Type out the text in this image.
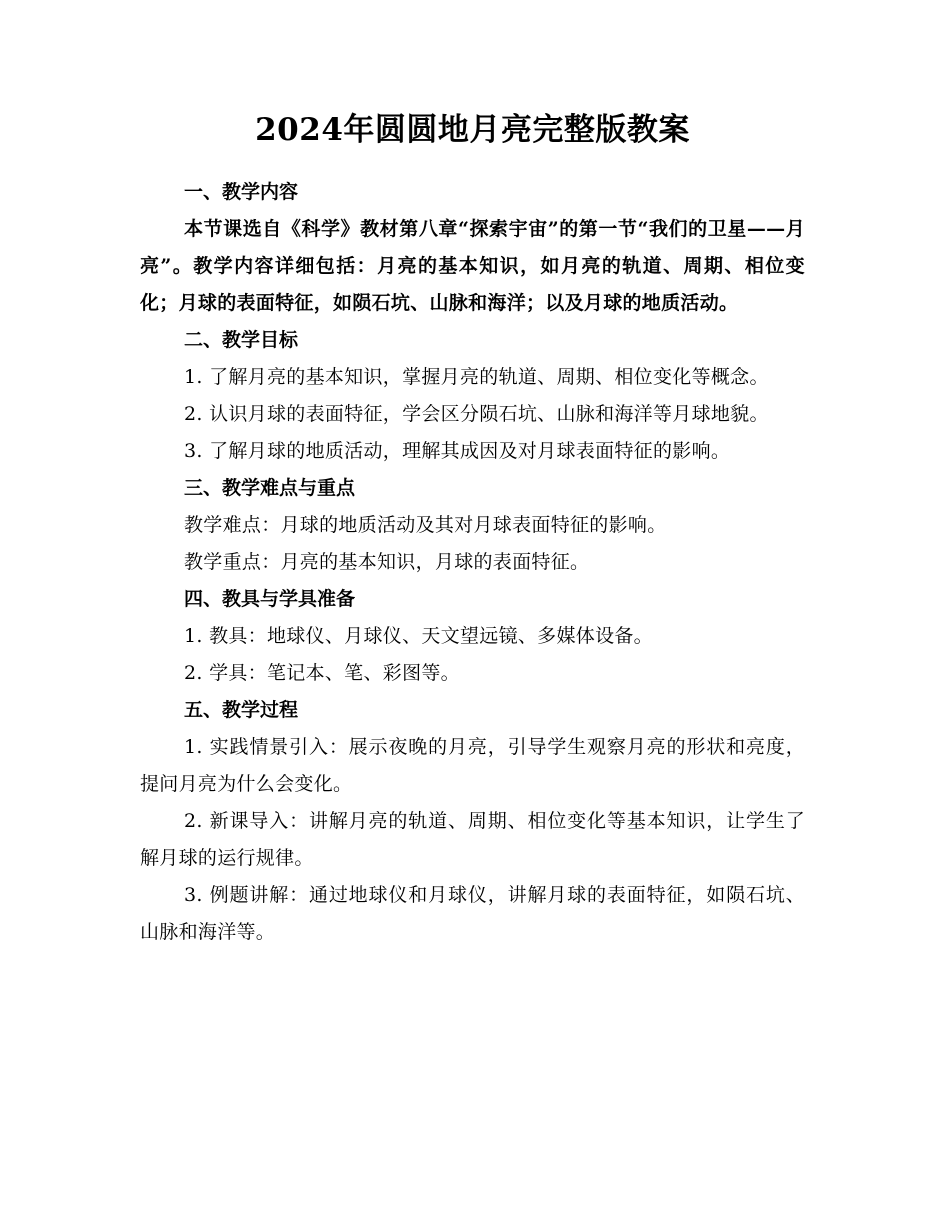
2024年圆圆地月亮完整版教案

一、教学内容

本节课选自《科学》教材第八章“探索宇宙”的第一节“我们的卫星——月亮”。教学内容详细包括：月亮的基本知识，如月亮的轨道、周期、相位变化；月球的表面特征，如陨石坑、山脉和海洋；以及月球的地质活动。

二、教学目标

1. 了解月亮的基本知识，掌握月亮的轨道、周期、相位变化等概念。

2. 认识月球的表面特征，学会区分陨石坑、山脉和海洋等月球地貌。

3. 了解月球的地质活动，理解其成因及对月球表面特征的影响。

三、教学难点与重点

教学难点：月球的地质活动及其对月球表面特征的影响。

教学重点：月亮的基本知识，月球的表面特征。

四、教具与学具准备

1. 教具：地球仪、月球仪、天文望远镜、多媒体设备。

2. 学具：笔记本、笔、彩图等。

五、教学过程

1. 实践情景引入：展示夜晚的月亮，引导学生观察月亮的形状和亮度，提问月亮为什么会变化。

2. 新课导入：讲解月亮的轨道、周期、相位变化等基本知识，让学生了解月球的运行规律。

3. 例题讲解：通过地球仪和月球仪，讲解月球的表面特征，如陨石坑、山脉和海洋等。
